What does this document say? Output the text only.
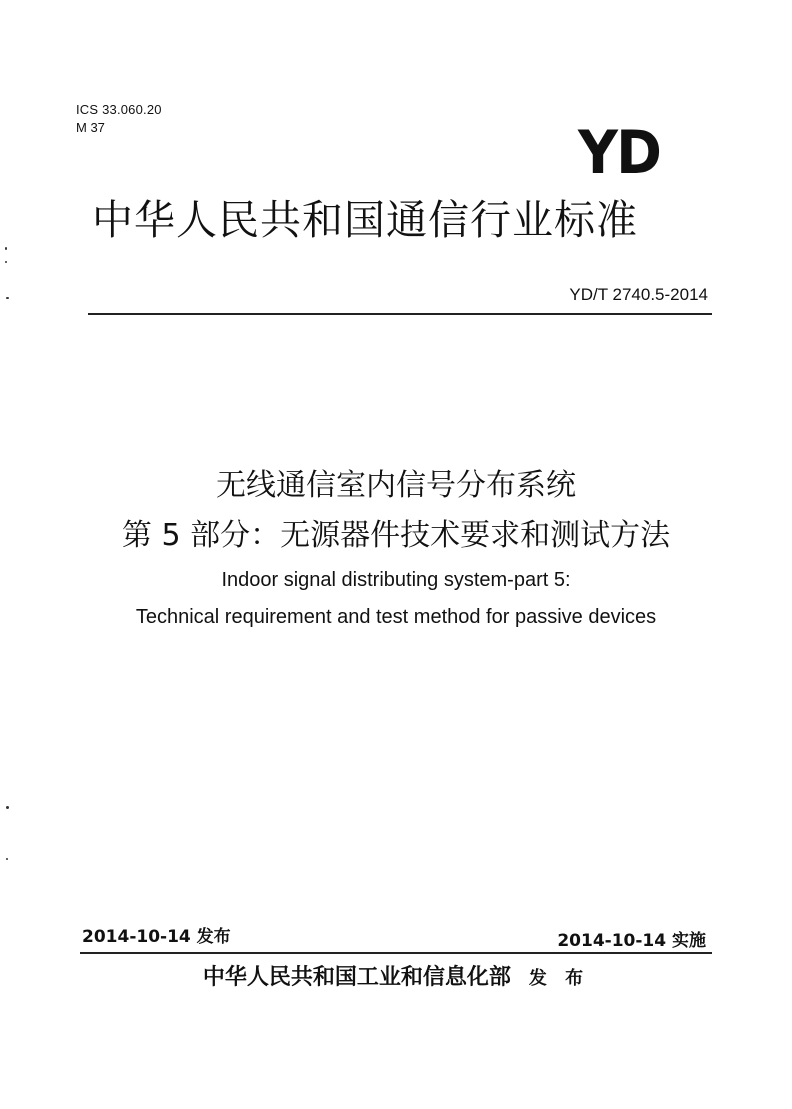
ICS 33.060.20
M 37	YD
中华人民共和国通信行业标准
YD/T 2740.5-2014
无线通信室内信号分布系统
第 5 部分：无源器件技术要求和测试方法
Indoor signal distributing system-part 5:
Technical requirement and test method for passive devices
2014-10-14 发布	2014-10-14 实施
中华人民共和国工业和信息化部 发 布
